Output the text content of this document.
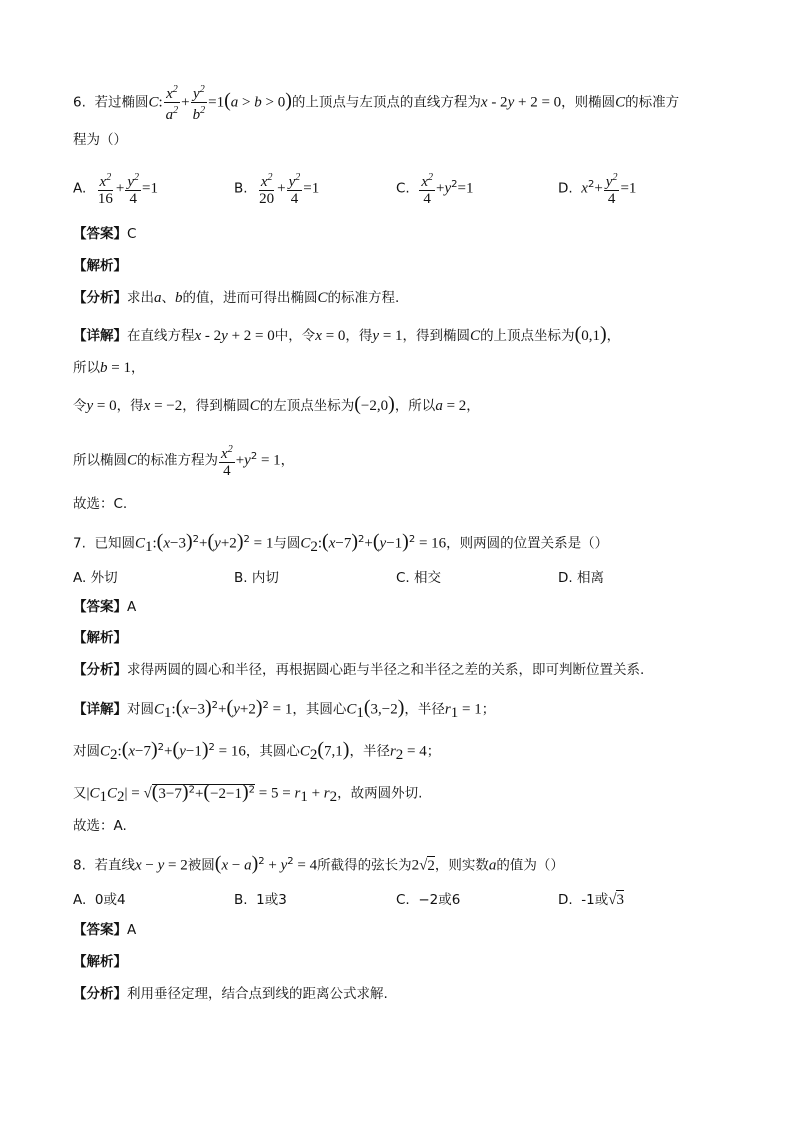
6. 若过椭圆C: $\frac{x^2}{a^2} + \frac{y^2}{b^2} =1(a > b > 0)$的上顶点与左顶点的直线方程为x - 2y + 2 = 0，则椭圆C的标准方
程为（）
A. $\frac{x^2}{16} + \frac{y^2}{4} =1$	B. $\frac{x^2}{20} + \frac{y^2}{4} =1$	C. $\frac{x^2}{4} +y^2=1$	D. $x^2+ \frac{y^2}{4} =1$
【答案】C
【解析】
【分析】求出a、b的值，进而可得出椭圆C的标准方程.
【详解】在直线方程x - 2y + 2 = 0中，令x = 0，得y = 1，得到椭圆C的上顶点坐标为(0,1)，
所以b = 1，
令y = 0，得x = −2，得到椭圆C的左顶点坐标为(−2,0)，所以a = 2，
所以椭圆C的标准方程为 $\frac{x^2}{4} +y^2 = 1$，
故选：C.
7. 已知圆$C_1:(x-3)^2+(y+2)^2 = 1$与圆$C_2:(x-7)^2+(y-1)^2 = 16$，则两圆的位置关系是（）
A. 外切	B. 内切	C. 相交	D. 相离
【答案】A
【解析】
【分析】求得两圆的圆心和半径，再根据圆心距与半径之和半径之差的关系，即可判断位置关系.
【详解】对圆$C_1:(x-3)^2+(y+2)^2 = 1$，其圆心$C_1(3,-2)$，半径$r_1 = 1$；
对圆$C_2:(x-7)^2+(y-1)^2 = 16$，其圆心$C_2(7,1)$，半径$r_2 = 4$；
又$|C_1C_2| = √(3-7)^2+(-2-1)^2 = 5 = r_1 + r_2$，故两圆外切.
故选：A.
8. 若直线x − y = 2被圆$(x - a)^2 + y^2 = 4$所截得的弦长为2√2，则实数a的值为（）
A. 0或4	B. 1或3	C. −2或6	D. -1或√3
【答案】A
【解析】
【分析】利用垂径定理，结合点到线的距离公式求解.
